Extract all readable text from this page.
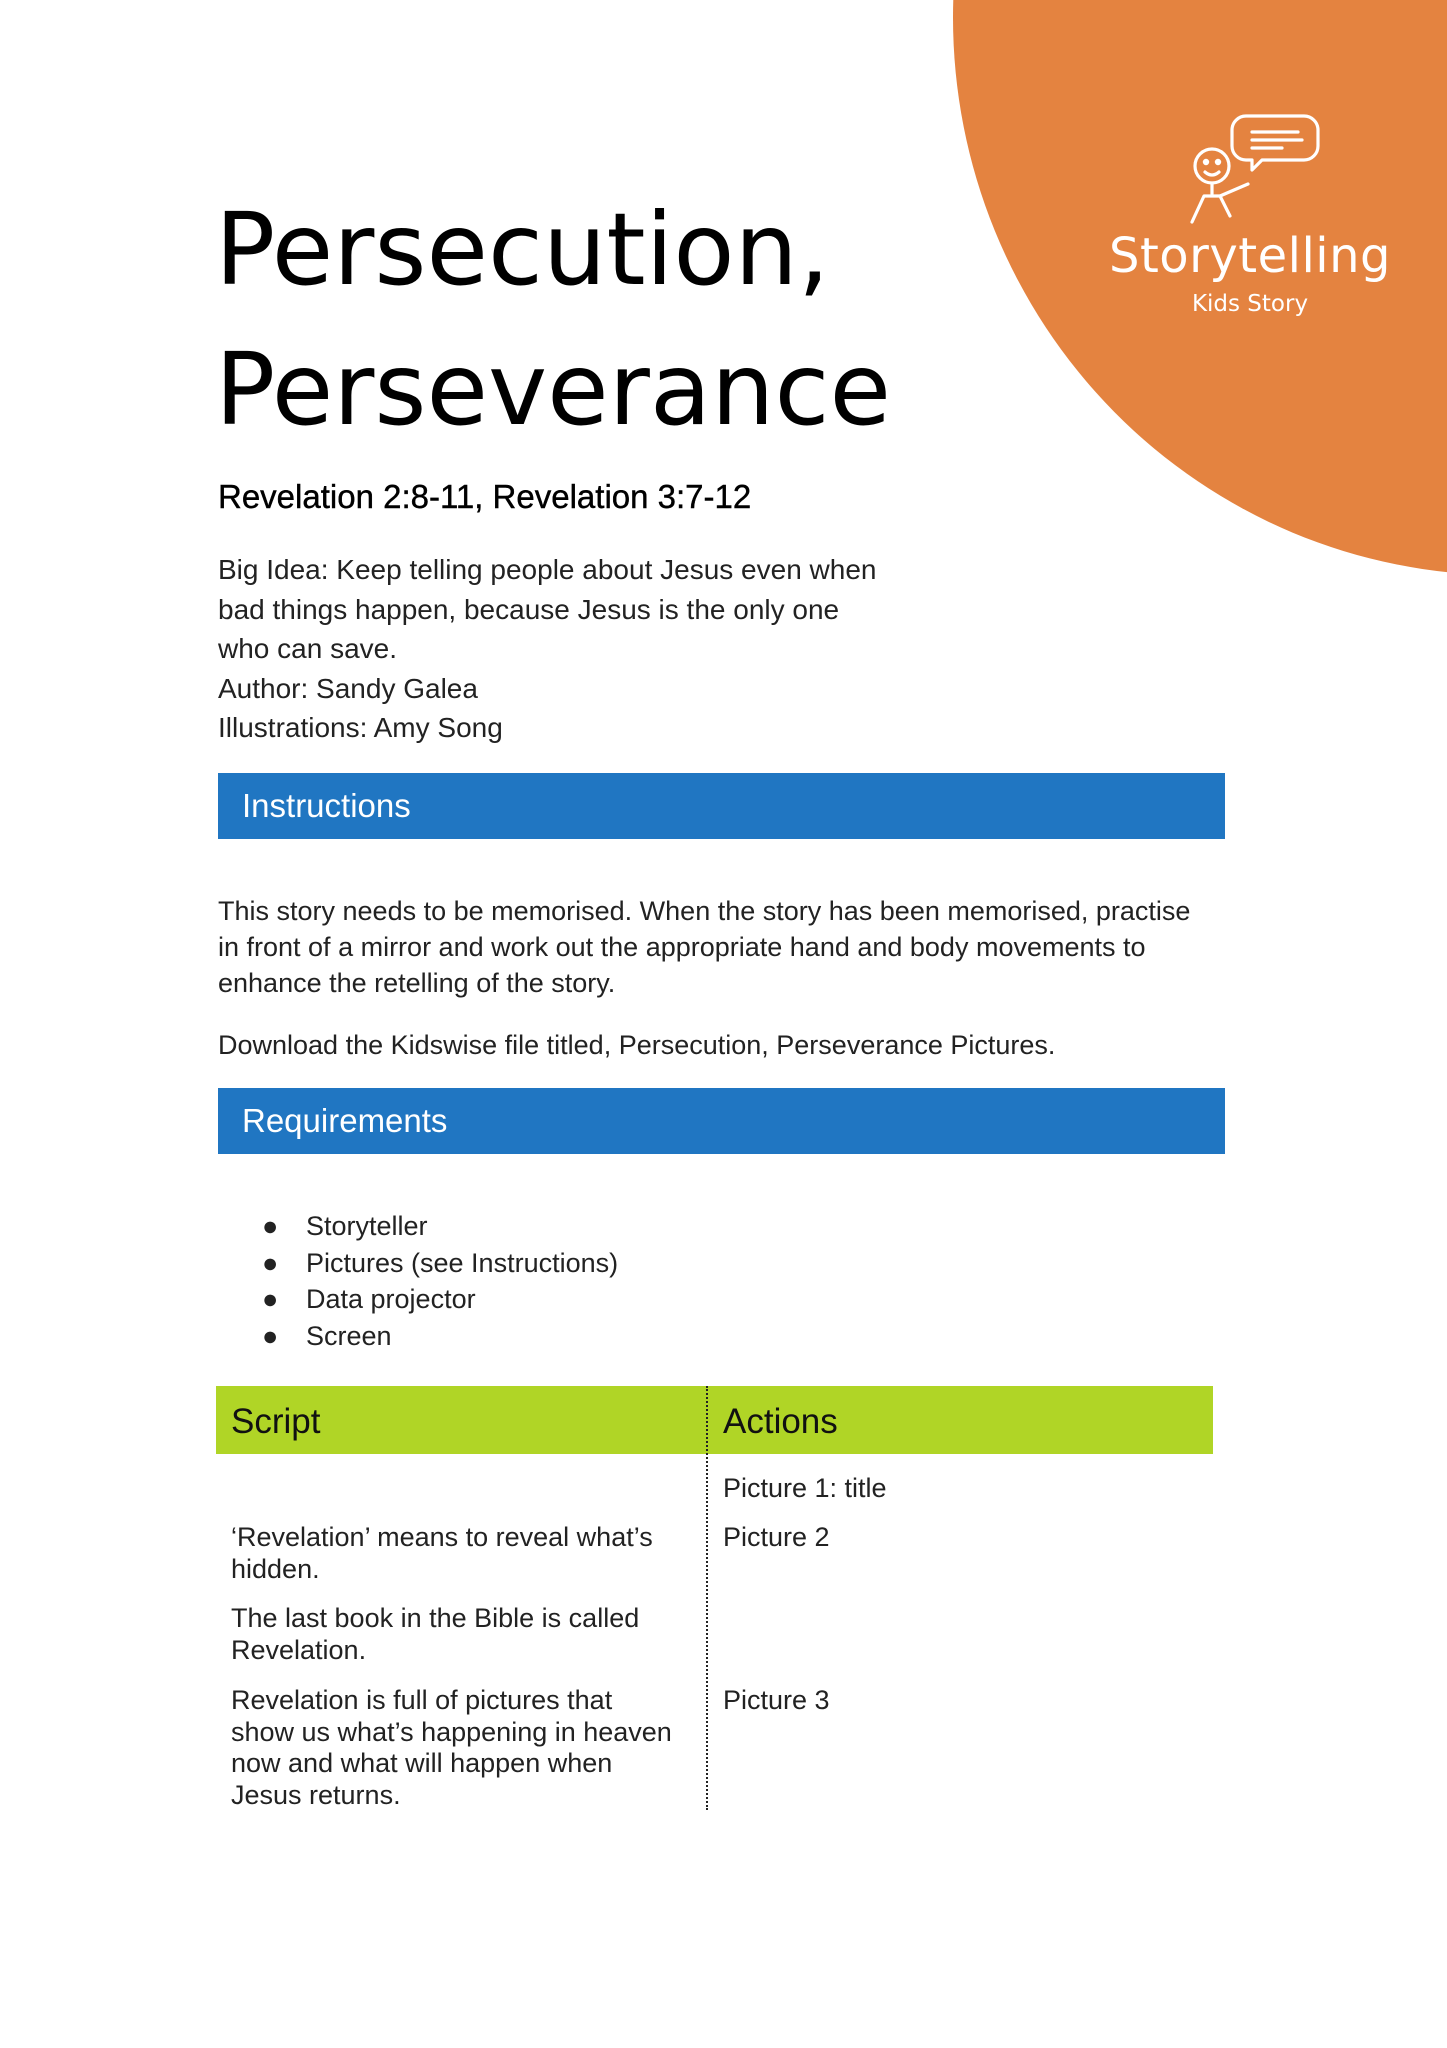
Storytelling
Kids Story
Persecution,
Perseverance
Revelation 2:8-11, Revelation 3:7-12
Big Idea: Keep telling people about Jesus even when
bad things happen, because Jesus is the only one
who can save.
Author: Sandy Galea
Illustrations: Amy Song
Instructions
This story needs to be memorised. When the story has been memorised, practise
in front of a mirror and work out the appropriate hand and body movements to
enhance the retelling of the story.
Download the Kidswise file titled, Persecution, Perseverance Pictures.
Requirements
● Storyteller
● Pictures (see Instructions)
● Data projector
● Screen
Script	Actions
Picture 1: title
‘Revelation’ means to reveal what’s
hidden.
Picture 2
The last book in the Bible is called
Revelation.
Revelation is full of pictures that
show us what’s happening in heaven
now and what will happen when
Jesus returns.
Picture 3
